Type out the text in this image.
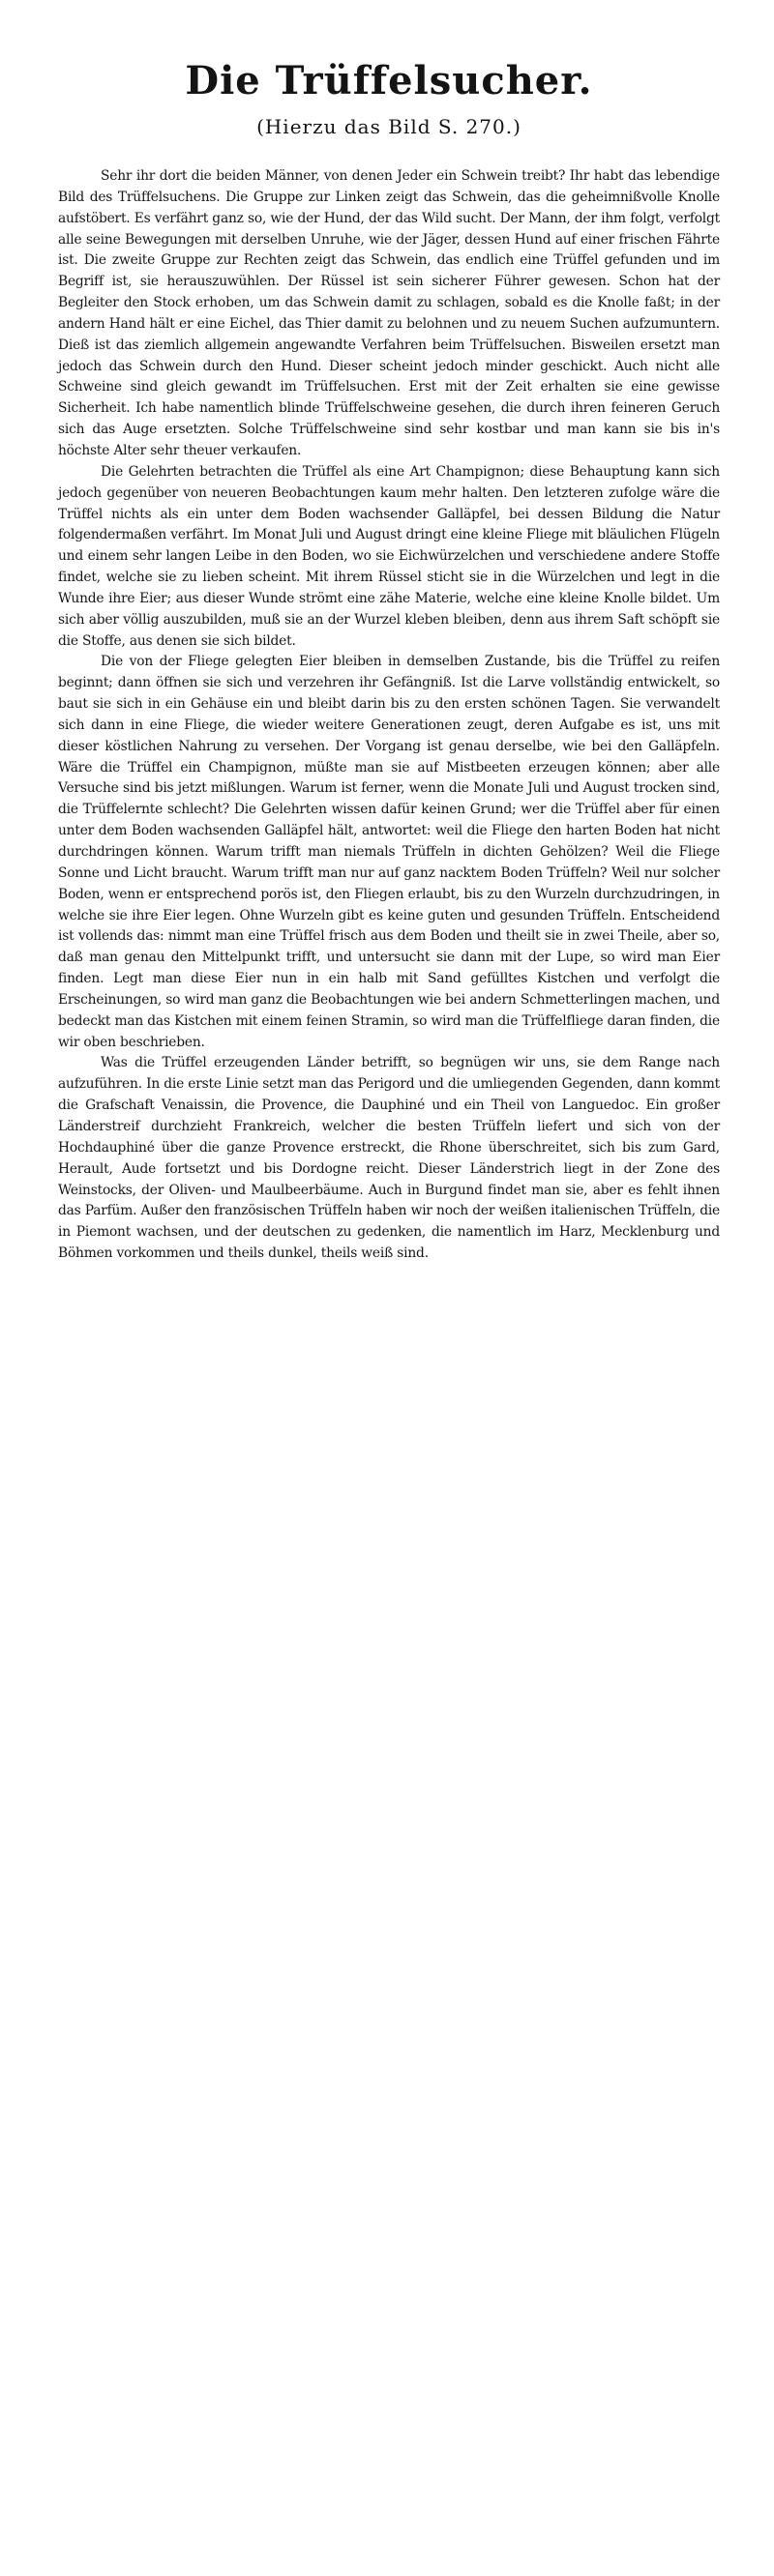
Die Trüffelsucher.
(Hierzu das Bild S. 270.)

Sehr ihr dort die beiden Männer, von denen Jeder ein Schwein treibt? Ihr habt das lebendige Bild des Trüffelsuchens. Die Gruppe zur Linken zeigt das Schwein, das die geheimnißvolle Knolle aufstöbert. Es verfährt ganz so, wie der Hund, der das Wild sucht. Der Mann, der ihm folgt, verfolgt alle seine Bewegungen mit derselben Unruhe, wie der Jäger, dessen Hund auf einer frischen Fährte ist. Die zweite Gruppe zur Rechten zeigt das Schwein, das endlich eine Trüffel gefunden und im Begriff ist, sie herauszuwühlen. Der Rüssel ist sein sicherer Führer gewesen. Schon hat der Begleiter den Stock erhoben, um das Schwein damit zu schlagen, sobald es die Knolle faßt; in der andern Hand hält er eine Eichel, das Thier damit zu belohnen und zu neuem Suchen aufzumuntern. Dieß ist das ziemlich allgemein angewandte Verfahren beim Trüffelsuchen. Bisweilen ersetzt man jedoch das Schwein durch den Hund. Dieser scheint jedoch minder geschickt. Auch nicht alle Schweine sind gleich gewandt im Trüffelsuchen. Erst mit der Zeit erhalten sie eine gewisse Sicherheit. Ich habe namentlich blinde Trüffelschweine gesehen, die durch ihren feineren Geruch sich das Auge ersetzten. Solche Trüffelschweine sind sehr kostbar und man kann sie bis in's höchste Alter sehr theuer verkaufen.

Die Gelehrten betrachten die Trüffel als eine Art Champignon; diese Behauptung kann sich jedoch gegenüber von neueren Beobachtungen kaum mehr halten. Den letzteren zufolge wäre die Trüffel nichts als ein unter dem Boden wachsender Galläpfel, bei dessen Bildung die Natur folgendermaßen verfährt. Im Monat Juli und August dringt eine kleine Fliege mit bläulichen Flügeln und einem sehr langen Leibe in den Boden, wo sie Eichwürzelchen und verschiedene andere Stoffe findet, welche sie zu lieben scheint. Mit ihrem Rüssel sticht sie in die Würzelchen und legt in die Wunde ihre Eier; aus dieser Wunde strömt eine zähe Materie, welche eine kleine Knolle bildet. Um sich aber völlig auszubilden, muß sie an der Wurzel kleben bleiben, denn aus ihrem Saft schöpft sie die Stoffe, aus denen sie sich bildet.

Die von der Fliege gelegten Eier bleiben in demselben Zustande, bis die Trüffel zu reifen beginnt; dann öffnen sie sich und verzehren ihr Gefängniß. Ist die Larve vollständig entwickelt, so baut sie sich in ein Gehäuse ein und bleibt darin bis zu den ersten schönen Tagen. Sie verwandelt sich dann in eine Fliege, die wieder weitere Generationen zeugt, deren Aufgabe es ist, uns mit dieser köstlichen Nahrung zu versehen. Der Vorgang ist genau derselbe, wie bei den Galläpfeln. Wäre die Trüffel ein Champignon, müßte man sie auf Mistbeeten erzeugen können; aber alle Versuche sind bis jetzt mißlungen. Warum ist ferner, wenn die Monate Juli und August trocken sind, die Trüffelernte schlecht? Die Gelehrten wissen dafür keinen Grund; wer die Trüffel aber für einen unter dem Boden wachsenden Galläpfel hält, antwortet: weil die Fliege den harten Boden hat nicht durchdringen können. Warum trifft man niemals Trüffeln in dichten Gehölzen? Weil die Fliege Sonne und Licht braucht. Warum trifft man nur auf ganz nacktem Boden Trüffeln? Weil nur solcher Boden, wenn er entsprechend porös ist, den Fliegen erlaubt, bis zu den Wurzeln durchzudringen, in welche sie ihre Eier legen. Ohne Wurzeln gibt es keine guten und gesunden Trüffeln. Entscheidend ist vollends das: nimmt man eine Trüffel frisch aus dem Boden und theilt sie in zwei Theile, aber so, daß man genau den Mittelpunkt trifft, und untersucht sie dann mit der Lupe, so wird man Eier finden. Legt man diese Eier nun in ein halb mit Sand gefülltes Kistchen und verfolgt die Erscheinungen, so wird man ganz die Beobachtungen wie bei andern Schmetterlingen machen, und bedeckt man das Kistchen mit einem feinen Stramin, so wird man die Trüffelfliege daran finden, die wir oben beschrieben.

Was die Trüffel erzeugenden Länder betrifft, so begnügen wir uns, sie dem Range nach aufzuführen. In die erste Linie setzt man das Perigord und die umliegenden Gegenden, dann kommt die Grafschaft Venaissin, die Provence, die Dauphiné und ein Theil von Languedoc. Ein großer Länderstreif durchzieht Frankreich, welcher die besten Trüffeln liefert und sich von der Hochdauphiné über die ganze Provence erstreckt, die Rhone überschreitet, sich bis zum Gard, Herault, Aude fortsetzt und bis Dordogne reicht. Dieser Länderstrich liegt in der Zone des Weinstocks, der Oliven- und Maulbeerbäume. Auch in Burgund findet man sie, aber es fehlt ihnen das Parfüm. Außer den französischen Trüffeln haben wir noch der weißen italienischen Trüffeln, die in Piemont wachsen, und der deutschen zu gedenken, die namentlich im Harz, Mecklenburg und Böhmen vorkommen und theils dunkel, theils weiß sind.
